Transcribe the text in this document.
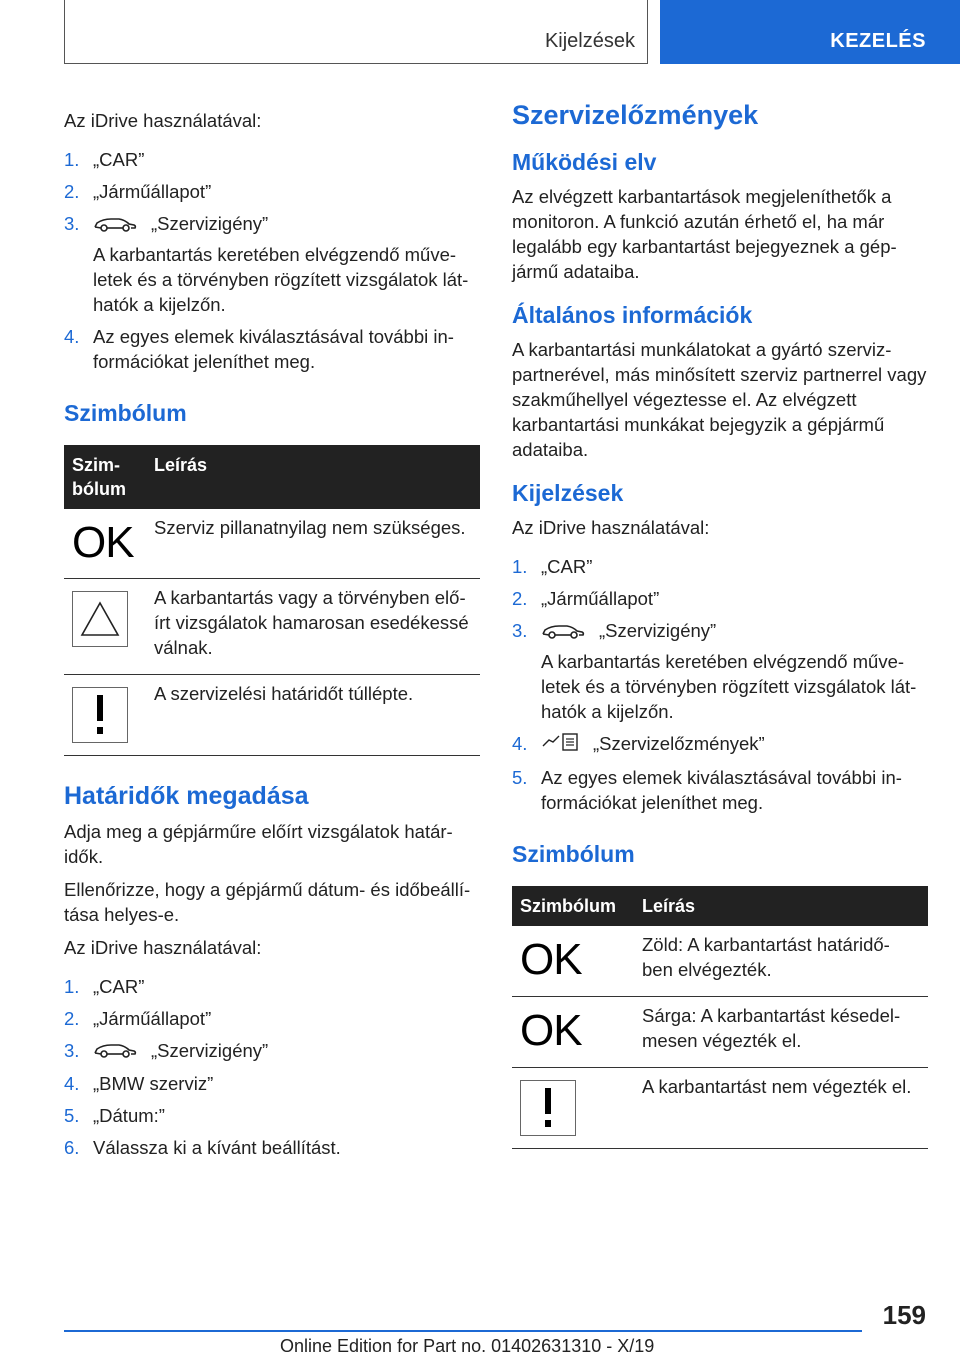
Kijelzések	KEZELÉS

Az iDrive használatával:

1. „CAR”
2. „Járműállapot”
3.	„Szervizigény”
A karbantartás keretében elvégzendő műve-letek és a törvényben rögzített vizsgálatok lát-hatók a kijelzőn.
4. Az egyes elemek kiválasztásával további in-formációkat jeleníthet meg.
Szimbólum
Szim-bólum	Leírás
OK	Szerviz pillanatnyilag nem szükséges.

	A karbantartás vagy a törvényben elő-írt vizsgálatok hamarosan esedékessé válnak.

	A szervizelési határidőt túllépte.
Határidők megadása

Adja meg a gépjárműre előírt vizsgálatok határ-idők.

Ellenőrizze, hogy a gépjármű dátum- és időbeállí-tása helyes-e.

Az iDrive használatával:

1. „CAR”
2. „Járműállapot”
3.	„Szervizigény”
4. „BMW szerviz”
5. „Dátum:”
6. Válassza ki a kívánt beállítást.
Szervizelőzmények
Működési elv

Az elvégzett karbantartások megjeleníthetők a monitoron. A funkció azután érhető el, ha már legalább egy karbantartást bejegyeznek a gép-jármű adataiba.

Általános információk

A karbantartási munkálatokat a gyártó szerviz-partnerével, más minősített szerviz partnerrel vagy szakműhellyel végeztesse el. Az elvégzett karbantartási munkákat bejegyzik a gépjármű adataiba.

Kijelzések

Az iDrive használatával:

1. „CAR”
2. „Járműállapot”
3.	„Szervizigény”
A karbantartás keretében elvégzendő műve-letek és a törvényben rögzített vizsgálatok lát-hatók a kijelzőn.
4.	„Szervizelőzmények”
5. Az egyes elemek kiválasztásával további in-formációkat jeleníthet meg.
Szimbólum
Szimbólum	Leírás
OK	Zöld: A karbantartást határidő-ben elvégezték.
OK	Sárga: A karbantartást késedel-mesen végezték el.

	A karbantartást nem végezték el.
159
Online Edition for Part no. 01402631310 - X/19
